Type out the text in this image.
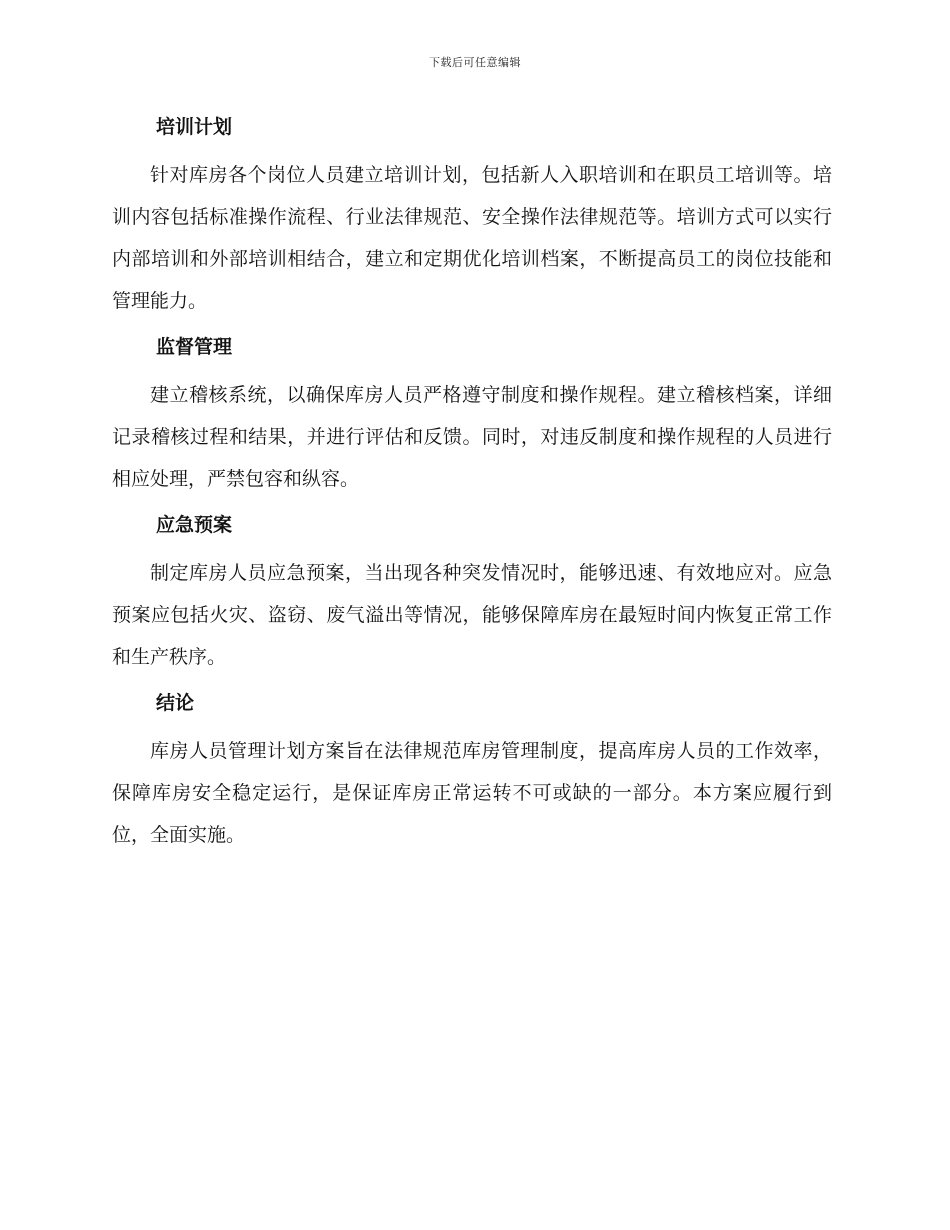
下载后可任意编辑
培训计划

针对库房各个岗位人员建立培训计划，包括新人入职培训和在职员工培训等。培训内容包括标准操作流程、行业法律规范、安全操作法律规范等。培训方式可以实行内部培训和外部培训相结合，建立和定期优化培训档案，不断提高员工的岗位技能和管理能力。

监督管理

建立稽核系统，以确保库房人员严格遵守制度和操作规程。建立稽核档案，详细记录稽核过程和结果，并进行评估和反馈。同时，对违反制度和操作规程的人员进行相应处理，严禁包容和纵容。

应急预案

制定库房人员应急预案，当出现各种突发情况时，能够迅速、有效地应对。应急预案应包括火灾、盗窃、废气溢出等情况，能够保障库房在最短时间内恢复正常工作和生产秩序。

结论

库房人员管理计划方案旨在法律规范库房管理制度，提高库房人员的工作效率，保障库房安全稳定运行，是保证库房正常运转不可或缺的一部分。本方案应履行到位，全面实施。
